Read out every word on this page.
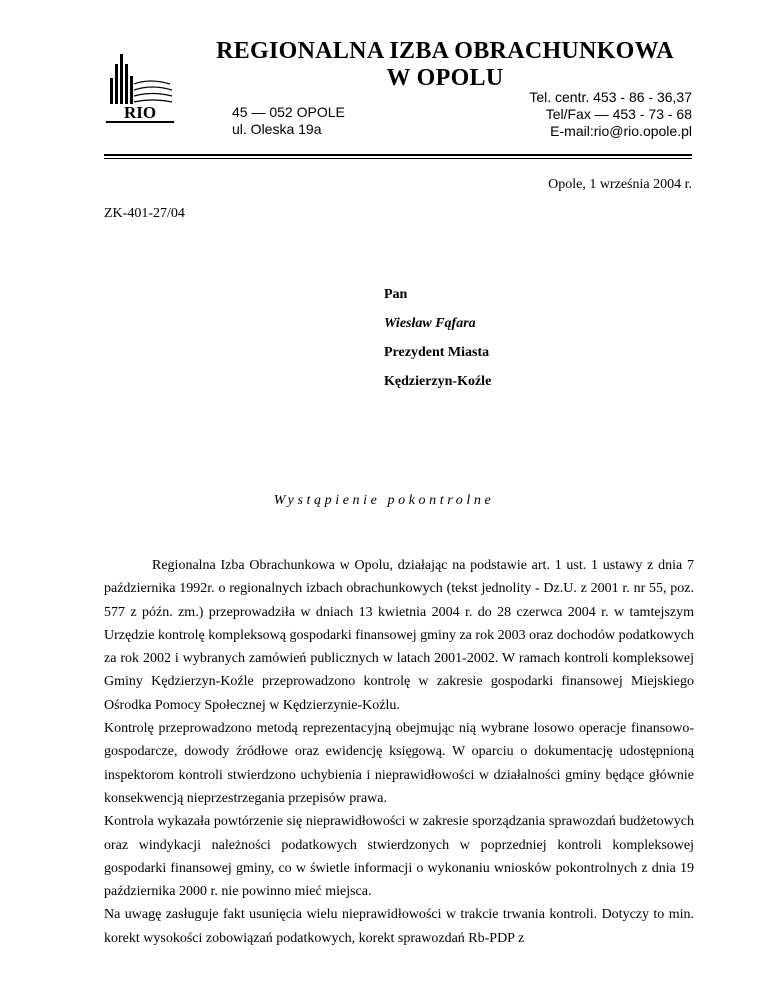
RIO
REGIONALNA IZBA OBRACHUNKOWA
W OPOLU
45 — 052 OPOLE
ul. Oleska 19a
Tel. centr. 453 - 86 - 36,37
Tel/Fax — 453 - 73 - 68
E-mail:rio@rio.opole.pl
Opole, 1 września 2004 r.
ZK-401-27/04
Pan
Wiesław Fąfara
Prezydent Miasta
Kędzierzyn-Koźle
Wystąpienie pokontrolne

Regionalna Izba Obrachunkowa w Opolu, działając na podstawie art. 1 ust. 1 ustawy z dnia 7 października 1992r. o regionalnych izbach obrachunkowych (tekst jednolity - Dz.U. z 2001 r. nr 55, poz. 577 z późn. zm.) przeprowadziła w dniach 13 kwietnia 2004 r. do 28 czerwca 2004 r. w tamtejszym Urzędzie kontrolę kompleksową gospodarki finansowej gminy za rok 2003 oraz dochodów podatkowych za rok 2002 i wybranych zamówień publicznych w latach 2001-2002. W ramach kontroli kompleksowej Gminy Kędzierzyn-Koźle przeprowadzono kontrolę w zakresie gospodarki finansowej Miejskiego Ośrodka Pomocy Społecznej w Kędzierzynie-Koźlu.

Kontrolę przeprowadzono metodą reprezentacyjną obejmując nią wybrane losowo operacje finansowo-gospodarcze, dowody źródłowe oraz ewidencję księgową. W oparciu o dokumentację udostępnioną inspektorom kontroli stwierdzono uchybienia i nieprawidłowości w działalności gminy będące głównie konsekwencją nieprzestrzegania przepisów prawa.

Kontrola wykazała powtórzenie się nieprawidłowości w zakresie sporządzania sprawozdań budżetowych oraz windykacji należności podatkowych stwierdzonych w poprzedniej kontroli kompleksowej gospodarki finansowej gminy, co w świetle informacji o wykonaniu wniosków pokontrolnych z dnia 19 października 2000 r. nie powinno mieć miejsca.

Na uwagę zasługuje fakt usunięcia wielu nieprawidłowości w trakcie trwania kontroli. Dotyczy to min. korekt wysokości zobowiązań podatkowych, korekt sprawozdań Rb-PDP z
